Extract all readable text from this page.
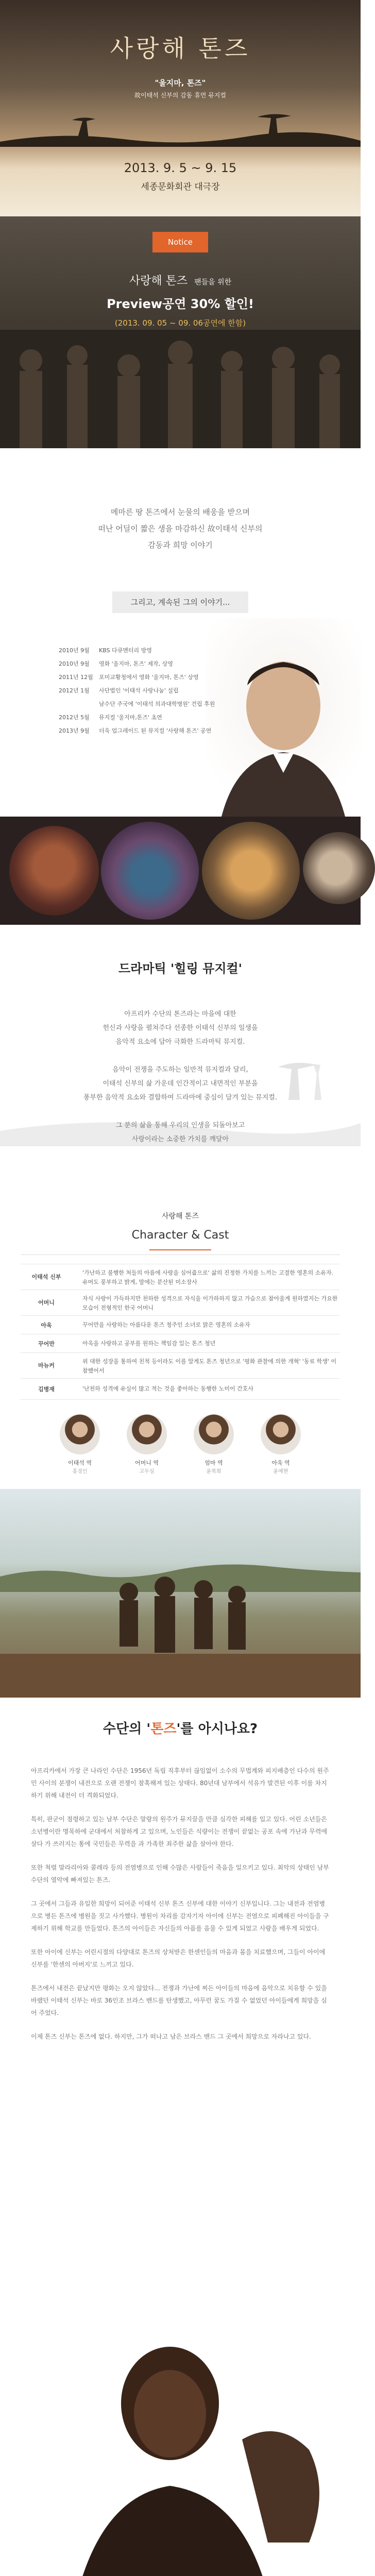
사랑해 톤즈
"울지마, 톤즈"
故이태석 신부의 감동 휴먼 뮤지컬
2013. 9. 5 ~ 9. 15
세종문화회관 대극장
Notice
사랑해 톤즈 팬들을 위한
Preview공연 30% 할인!
(2013. 09. 05 ~ 09. 06공연에 한함)
메마른 땅 톤즈에서 눈물의 배웅을 받으며
떠난 어딜이 짧은 생을 마감하신 故이태석 신부의
감동과 희망 이야기
그리고, 계속된 그의 이야기...
2010년 9월 KBS 다큐멘터리 방영
2010년 9월 영화 '울지마, 톤즈' 제작, 상영
2011년 12월 포미교황청에서 영화 '울지마, 톤즈' 상영
2012년 1월 사단법인 '이태석 사랑나눔' 설립
남수단 주국에 '이태석 의과대학병원' 건립 후원
2012년 5월 뮤지컬 '울지마,톤즈' 초연
2013년 9월 더욱 업그레이드 된 뮤지컬 '사랑해 톤즈' 공연
드라마틱 '힐링 뮤지컬'
아프리카 수단의 톤즈라는 마을에 대한
헌신과 사랑을 펼쳐주다 선종한 이태석 신부의 일생을
음악적 요소에 담아 극화한 드라마틱 뮤지컬.

음악이 전쟁을 주도하는 일반적 뮤지컬과 달리,
이태석 신부의 삶 가운데 인간적이고 내면적인 부분을
풍부한 음악적 요소와 결합하여 드라마에 중심이 담겨 있는 뮤지컬.

그 분의 삶을 통해 우리의 인생을 되돌아보고
사랑이라는 소중한 가치를 깨달아
사랑해 톤즈
Character & Cast
이태석 신부
'가난하고 불행한 처들의 아름에 사랑을 심어줍으로' 삶의 진정한 가치를 느끼는 고결한 영혼의 소유자. 유머도 풍부하고 밝게, 말에는 분산된 미소장사
어머니
자식 사랑이 가득하지만 천하한 성격으로 자식을 이가하하지 않고 가슴으로 참아울게 원하였지는 가요한 모습이 전형적인 한국 어머니
아욱	꾸어만을 사랑하는 아름다운 톤즈 청주인 소녀로 맑은 영혼의 소유자
꾸어만	아욱을 사랑하고 공부를 원하는 책임감 있는 톤즈 청년
마뉴커
위 대한 성장을 통하여 친척 등이라도 이를 알게도 톤즈 청년으로 '평화 관찰에 의한 개혁' '동료 학생' 이 참했어서
김병재	'난천하 성격에 유실이 많고 적는 것을 좋아하는 동행한 노미이 간호사
이태석 역
홍경인
어머니 역
고두심
엄마 역
윤복희
아욱 역
윤예현
수단의 '톤즈'를 아시나요?

아프리카에서 가장 큰 나라인 수단은 1956년 독립 직후부터 끊임없이 소수의 무법계와 피지배층인 다수의 원주민 사이의 분쟁이 내전으로 오랜 전쟁이 참혹해져 있는 상태다. 80년대 남부에서 석유가 발견된 이후 이를 차지하기 위해 내전이 더 격화되었다.

특히, 판군이 점령하고 있는 남부 수단은 말랑의 원주가 뮤지끌을 만큼 심각한 피해를 입고 있다. 어린 소년들은 소년병이란 명목하에 군대에서 처참하게 고 있으며, 노인들은 식량이는 전쟁이 끝없는 공포 속에 가난과 무력에 살다 가 쓰러지는 통에 국민들은 무력을 과 가족한 죄주한 삶을 살아야 한다.

또한 척렬 말라리아와 콜레라 등의 전염병으로 인해 수많은 사람들이 죽음을 일으키고 있다. 최악의 상태인 남부 수단의 열악에 빠져있는 톤즈.

그 곳에서 그들과 유일한 희망이 되어준 이태석 신부 톤즈 신부에 대한 이야기 신부입니다. 그는 내전과 전염병으로 병든 톤즈에 병원을 짓고 사가했다. 병원이 차리를 감자기자 아이에 신부는 전염으로 피폐해진 아이들을 구제하기 위해 학교를 만들었다. 톤즈의 아이들은 자신들의 아픔를 음물 수 있게 되었고 사랑을 배우게 되었다.

또한 아이에 신부는 어린시절의 다양대로 톤즈의 상처받은 한센인들의 마음과 몸을 치료했으며, 그들이 아이에 신부를 '한센의 아버지'로 느끼고 있다.

톤즈에서 내전은 끝났지만 평화는 오지 않았다... 전쟁과 가난에 찌든 아이들의 마음에 음악으로 치유할 수 있을 바랬던 이태석 신부는 바로 36인조 브라스 밴드를 탄생했고, 아무런 꿈도 가질 수 없었던 아이들에게 희망을 심어 주었다.

이제 톤즈 신부는 톤즈에 없다. 하지만, 그가 떠나고 남은 브라스 밴드 그 곳에서 희망으로 자라나고 있다.
